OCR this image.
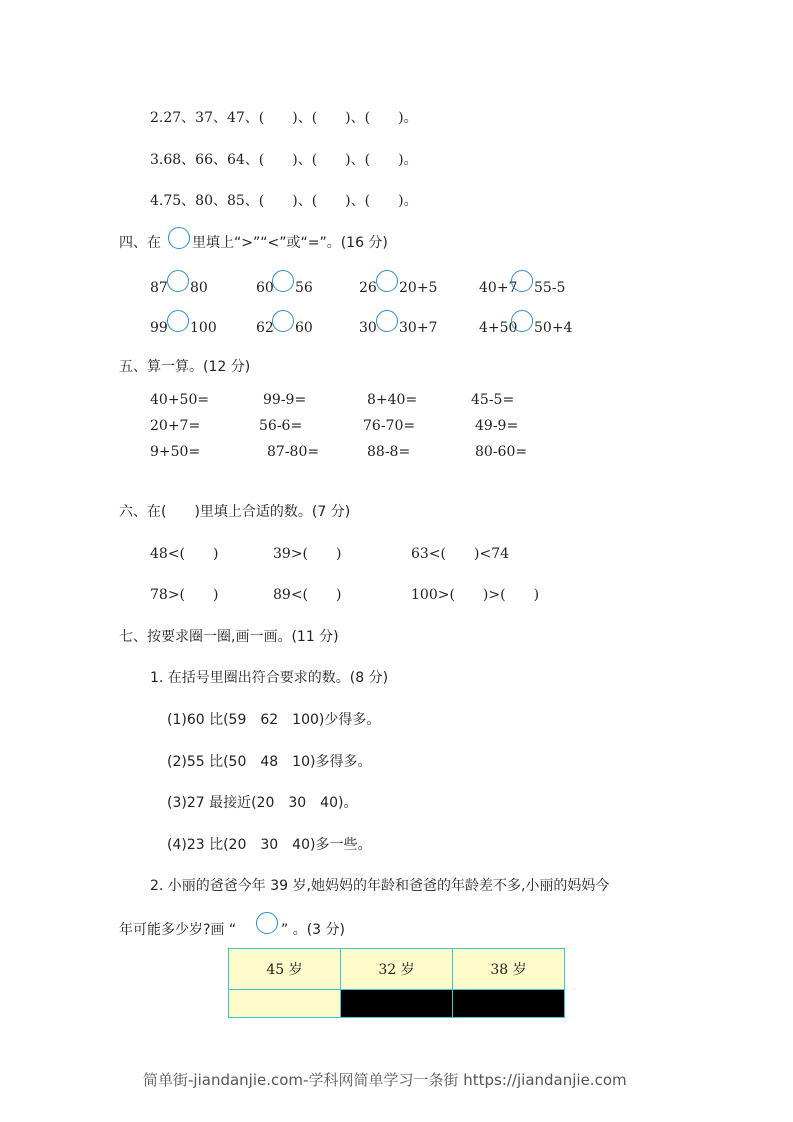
2.27、37、47、(　　)、(　　)、(　　)。
3.68、66、64、(　　)、(　　)、(　　)。
4.75、80、85、(　　)、(　　)、(　　)。
四、在 里填上“>”“<”或“=”。(16 分)
87 80	60 56	26 20+5	40+7 55-5
99 100	62 60	30 30+7	4+50 50+4
五、算一算。(12 分)
40+50=	99-9=	8+40=	45-5=
20+7=	56-6=	76-70=	49-9=
9+50=	87-80=	88-8=	80-60=
六、在(　　)里填上合适的数。(7 分)
48<(　　)	39>(　　)	63<(　　)<74
78>(　　)	89<(　　)	100>(　　)>(　　)
七、按要求圈一圈,画一画。(11 分)
1. 在括号里圈出符合要求的数。(8 分)
(1)60 比(59　62　100)少得多。
(2)55 比(50　48　10)多得多。
(3)27 最接近(20　30　40)。
(4)23 比(20　30　40)多一些。
2. 小丽的爸爸今年 39 岁,她妈妈的年龄和爸爸的年龄差不多,小丽的妈妈今
年可能多少岁?画 “	” 。(3 分)
45 岁	32 岁	38 岁

简单街-jiandanjie.com-学科网简单学习一条街 https://jiandanjie.com
